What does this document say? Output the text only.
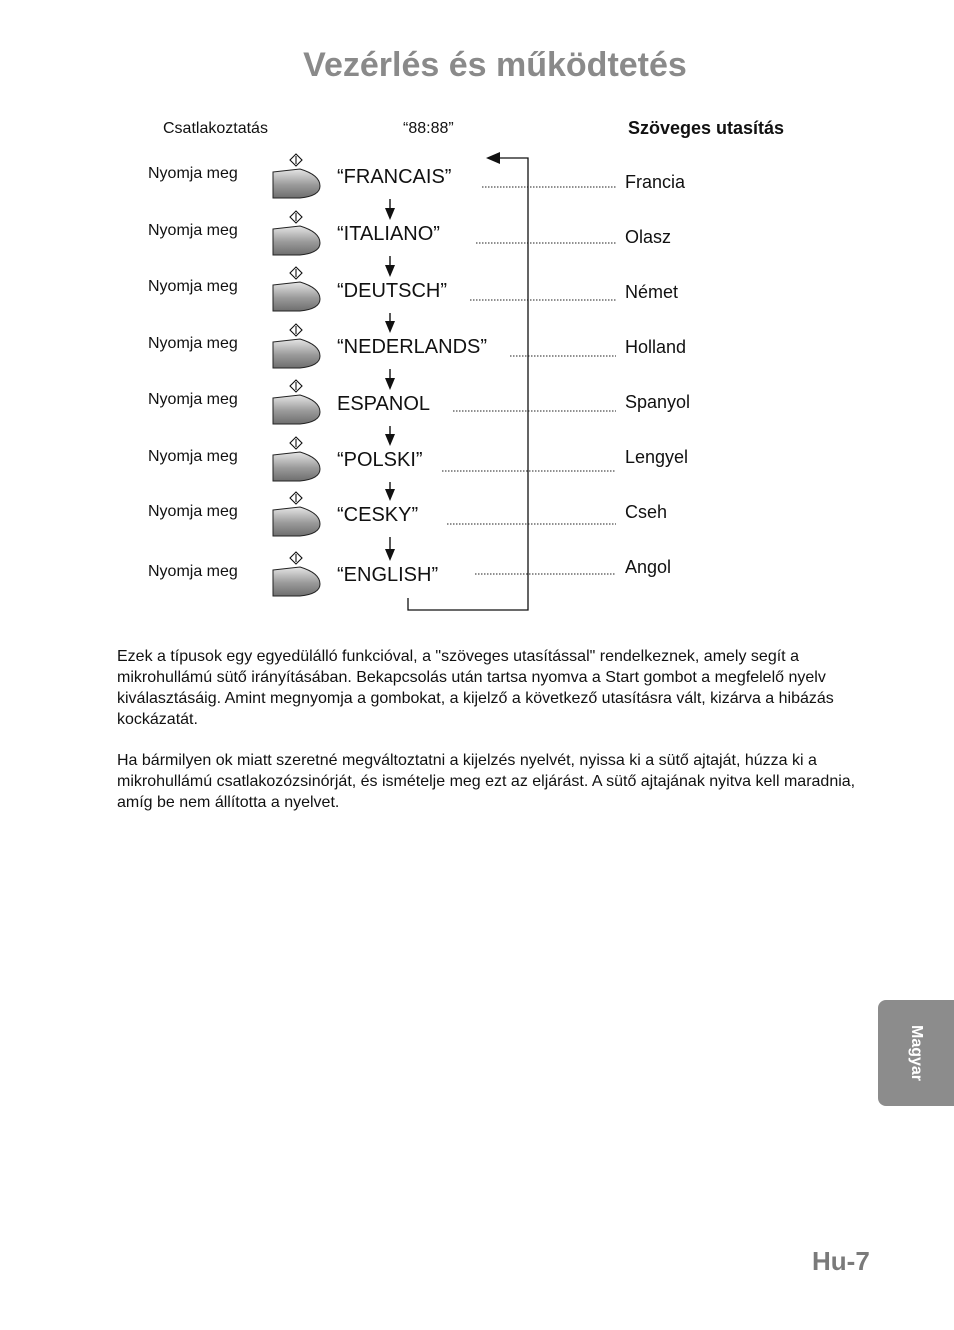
Vezérlés és működtetés
Csatlakoztatás	“88:88”	Szöveges utasítás
Nyomja meg	“FRANCAIS”	Francia
Nyomja meg	“ITALIANO”	Olasz
Nyomja meg	“DEUTSCH”	Német
Nyomja meg	“NEDERLANDS”	Holland
Nyomja meg	ESPANOL	Spanyol
Nyomja meg	“POLSKI”	Lengyel
Nyomja meg	“CESKY”	Cseh
Nyomja meg	“ENGLISH”	Angol
Ezek a típusok egy egyedülálló funkcióval, a "szöveges utasítással" rendelkeznek, amely segít a mikrohullámú sütő irányításában. Bekapcsolás után tartsa nyomva a Start gombot a megfelelő nyelv kiválasztásáig. Amint megnyomja a gombokat, a kijelző a következő utasításra vált, kizárva a hibázás kockázatát.
Ha bármilyen ok miatt szeretné megváltoztatni a kijelzés nyelvét, nyissa ki a sütő ajtaját, húzza ki a mikrohullámú csatlakozózsinórját, és ismételje meg ezt az eljárást. A sütő ajtajának nyitva kell maradnia, amíg be nem állította a nyelvet.
Magyar
Hu-7
